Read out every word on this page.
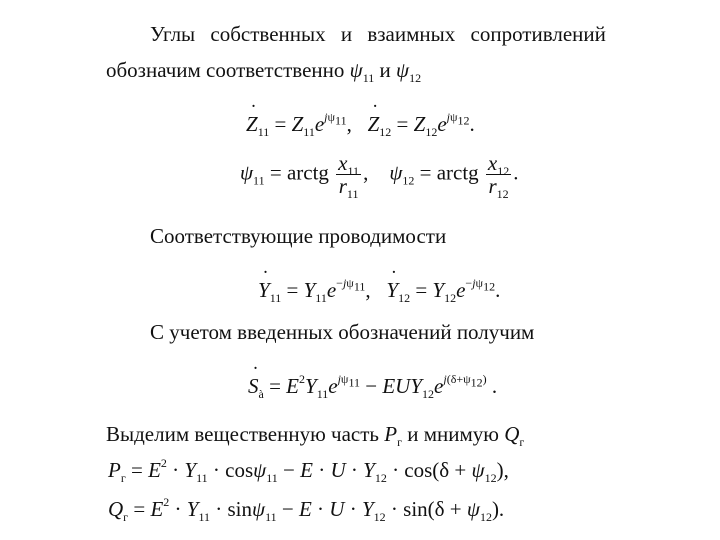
Углы собственных и взаимных сопротивлений
обозначим соответственно $\psi_{11}$ и $\psi_{12}$
˙ $Z_{11} = Z_{11}e^{j\psi_{11}}$,   ˙ $Z_{12} = Z_{12}e^{j\psi_{12}}$.
$\psi_{11}$ = arctg $\frac{x_{11}}{r_{11}}$ ,    $\psi_{12}$ = arctg $\frac{x_{12}}{r_{12}}$ .
Соответствующие проводимости
˙ $Y_{11} = Y_{11}e^{-j\psi_{11}}$,   ˙ $Y_{12} = Y_{12}e^{-j\psi_{12}}$.
С учетом введенных обозначений получим
˙ $S_à = E^2Y_{11}e^{j\psi_{11}} - EUY_{12}e^{j(\delta+\psi_{12})}$ .
Выделим вещественную часть $P_г$ и мнимую $Q_г$
$P_г = E^2 \cdot Y_{11} \cdot \cos\psi_{11} - E \cdot U \cdot Y_{12} \cdot \cos(\delta + \psi_{12})$,
$Q_г = E^2 \cdot Y_{11} \cdot \sin\psi_{11} - E \cdot U \cdot Y_{12} \cdot \sin(\delta + \psi_{12})$.
